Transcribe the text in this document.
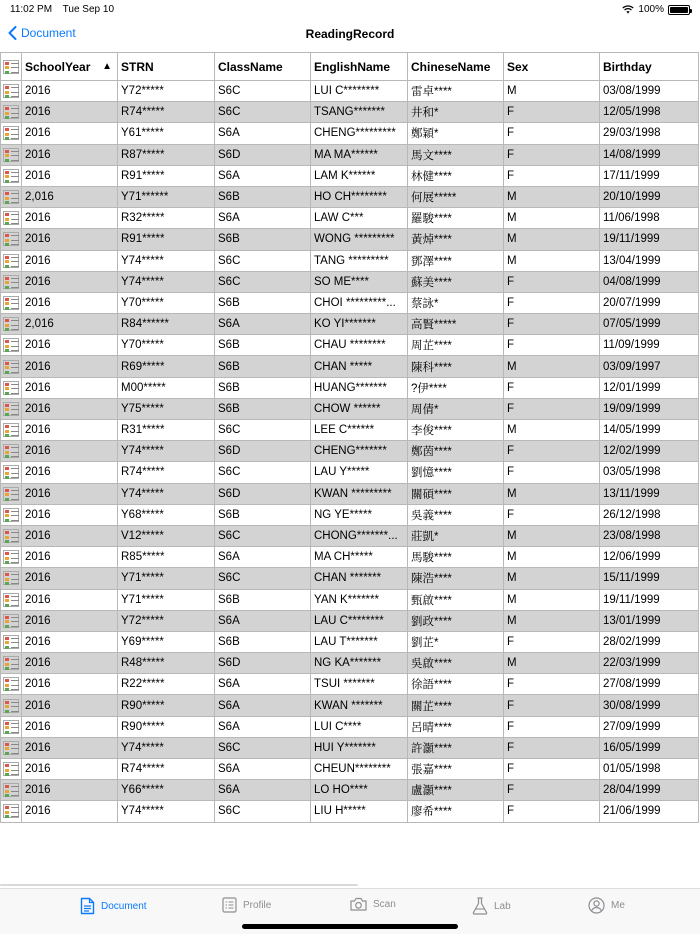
11:02 PM Tue Sep 10	100%
Document	ReadingRecord
	SchoolYear ▲	STRN	ClassName	EnglishName	ChineseName	Sex	Birthday

	2016	Y72*****	S6C	LUI C********	雷卓****	M	03/08/1999

	2016	R74*****	S6C	TSANG*******	井和*	F	12/05/1998

	2016	Y61*****	S6A	CHENG*********	鄭穎*	F	29/03/1998

	2016	R87*****	S6D	MA MA******	馬文****	F	14/08/1999

	2016	R91*****	S6A	LAM K******	林健****	F	17/11/1999

	2,016	Y71******	S6B	HO CH********	何展*****	M	20/10/1999

	2016	R32*****	S6A	LAW C***	羅駿****	M	11/06/1998

	2016	R91*****	S6B	WONG *********	黃焯****	M	19/11/1999

	2016	Y74*****	S6C	TANG *********	鄧澤****	M	13/04/1999

	2016	Y74*****	S6C	SO ME****	蘇美****	F	04/08/1999

	2016	Y70*****	S6B	CHOI *********...	蔡詠*	F	20/07/1999

	2,016	R84******	S6A	KO YI*******	高賢*****	F	07/05/1999

	2016	Y70*****	S6B	CHAU ********	周芷****	F	11/09/1999

	2016	R69*****	S6B	CHAN *****	陳科****	M	03/09/1997

	2016	M00*****	S6B	HUANG*******	?伊****	F	12/01/1999

	2016	Y75*****	S6B	CHOW ******	周倩*	F	19/09/1999

	2016	R31*****	S6C	LEE C******	李俊****	M	14/05/1999

	2016	Y74*****	S6D	CHENG*******	鄭茵****	F	12/02/1999

	2016	R74*****	S6C	LAU Y*****	劉憶****	F	03/05/1998

	2016	Y74*****	S6D	KWAN *********	關碩****	M	13/11/1999

	2016	Y68*****	S6B	NG YE*****	吳義****	F	26/12/1998

	2016	V12*****	S6C	CHONG*******...	莊凱*	M	23/08/1998

	2016	R85*****	S6A	MA CH*****	馬駿****	M	12/06/1999

	2016	Y71*****	S6C	CHAN *******	陳浩****	M	15/11/1999

	2016	Y71*****	S6B	YAN K*******	甄啟****	M	19/11/1999

	2016	Y72*****	S6A	LAU C********	劉政****	M	13/01/1999

	2016	Y69*****	S6B	LAU T*******	劉芷*	F	28/02/1999

	2016	R48*****	S6D	NG KA*******	吳啟****	M	22/03/1999

	2016	R22*****	S6A	TSUI *******	徐語****	F	27/08/1999

	2016	R90*****	S6A	KWAN *******	關芷****	F	30/08/1999

	2016	R90*****	S6A	LUI C****	呂晴****	F	27/09/1999

	2016	Y74*****	S6C	HUI Y*******	許灝****	F	16/05/1999

	2016	R74*****	S6A	CHEUN********	張嘉****	F	01/05/1998

	2016	Y66*****	S6A	LO HO****	盧灝****	F	28/04/1999

	2016	Y74*****	S6C	LIU H*****	廖希****	F	21/06/1999
Document	Profile	Scan	Lab	Me
